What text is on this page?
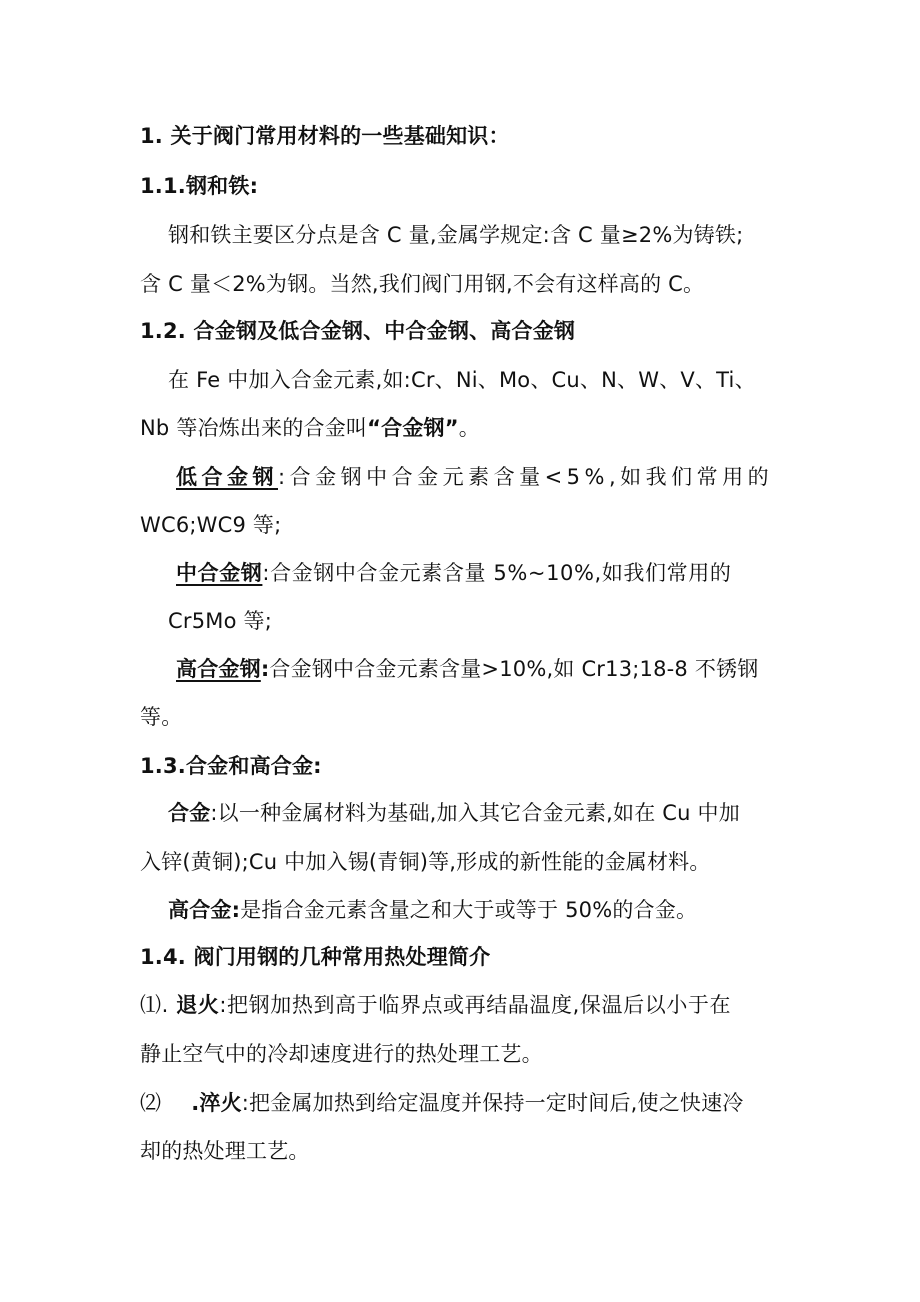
1. 关于阀门常用材料的一些基础知识：
1.1.钢和铁:
钢和铁主要区分点是含 C 量,金属学规定:含 C 量≥2%为铸铁;
含 C 量＜2%为钢。当然,我们阀门用钢,不会有这样高的 C。
1.2. 合金钢及低合金钢、中合金钢、高合金钢
在 Fe 中加入合金元素,如:Cr、Ni、Mo、Cu、N、W、V、Ti、
Nb 等冶炼出来的合金叫“合金钢”。
低合金钢:合金钢中合金元素含量<5%,如我们常用的
WC6;WC9 等;
中合金钢:合金钢中合金元素含量 5%~10%,如我们常用的
Cr5Mo 等;
高合金钢:合金钢中合金元素含量>10%,如 Cr13;18-8 不锈钢
等。
1.3.合金和高合金:
合金:以一种金属材料为基础,加入其它合金元素,如在 Cu 中加
入锌(黄铜);Cu 中加入锡(青铜)等,形成的新性能的金属材料。
高合金:是指合金元素含量之和大于或等于 50%的合金。
1.4. 阀门用钢的几种常用热处理简介
⑴. 退火:把钢加热到高于临界点或再结晶温度,保温后以小于在
静止空气中的冷却速度进行的热处理工艺。
⑵ .淬火:把金属加热到给定温度并保持一定时间后,使之快速冷
却的热处理工艺。
